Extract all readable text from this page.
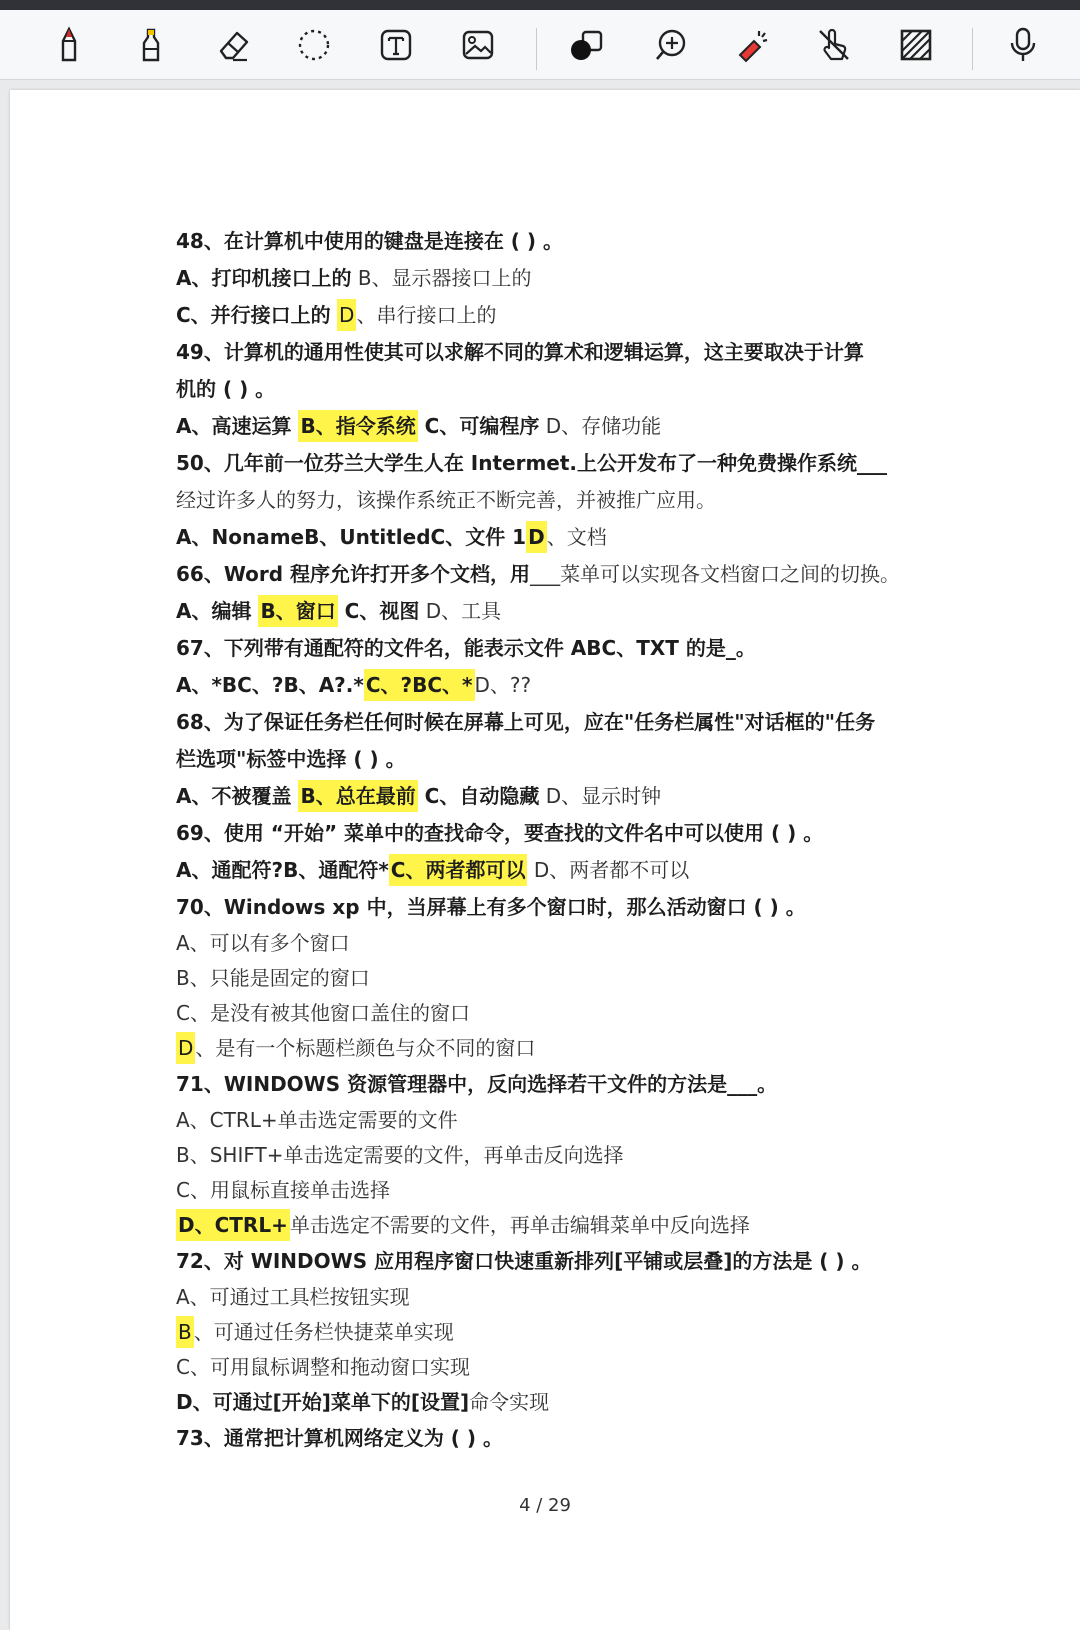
48、在计算机中使用的键盘是连接在 ( ) 。
A、打印机接口上的 B、显示器接口上的
C、并行接口上的 D 、串行接口上的
49、计算机的通用性使其可以求解不同的算术和逻辑运算，这主要取决于计算
机的 ( ) 。
A、高速运算 B、指令系统 C、可编程序 D、存储功能
50、几年前一位芬兰大学生人在 Intermet.上公开发布了一种免费操作系统___
经过许多人的努力，该操作系统正不断完善，并被推广应用。
A、NonameB、UntitledC、文件 1 D 、文档
66、Word 程序允许打开多个文档，用___菜单可以实现各文档窗口之间的切换。
A、编辑 B、窗口 C、视图 D、工具
67、下列带有通配符的文件名，能表示文件 ABC、TXT 的是_。
A、*BC、?B、A?.* C、?BC、* D、??
68、为了保证任务栏任何时候在屏幕上可见，应在"任务栏属性"对话框的"任务
栏选项"标签中选择 ( ) 。
A、不被覆盖 B、总在最前 C、自动隐藏 D、显示时钟
69、使用 “开始” 菜单中的查找命令，要查找的文件名中可以使用 ( ) 。
A、通配符?B、通配符* C、两者都可以 D、两者都不可以
70、Windows xp 中，当屏幕上有多个窗口时，那么活动窗口 ( ) 。
A、可以有多个窗口
B、只能是固定的窗口
C、是没有被其他窗口盖住的窗口
D 、是有一个标题栏颜色与众不同的窗口
71、WINDOWS 资源管理器中，反向选择若干文件的方法是___。
A、CTRL+单击选定需要的文件
B、SHIFT+单击选定需要的文件，再单击反向选择
C、用鼠标直接单击选择
D、CTRL+ 单击选定不需要的文件，再单击编辑菜单中反向选择
72、对 WINDOWS 应用程序窗口快速重新排列[平铺或层叠]的方法是 ( ) 。
A、可通过工具栏按钮实现
B 、可通过任务栏快捷菜单实现
C、可用鼠标调整和拖动窗口实现
D、可通过[开始]菜单下的[设置]命令实现
73、通常把计算机网络定义为 ( ) 。
4 / 29
